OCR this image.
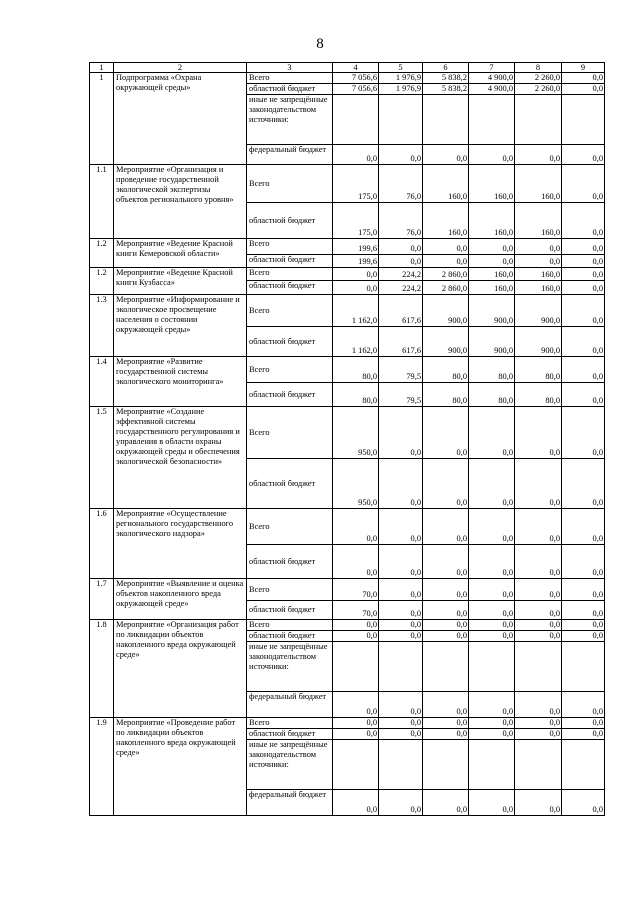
8
1	2	3	4	5	6	7	8	9
1	Подпрограмма «Охрана окружающей среды»	Всего	7 056,6	1 976,9	5 838,2	4 900,0	2 260,0	0,0
		областной бюджет	7 056,6	1 976,9	5 838,2	4 900,0	2 260,0	0,0
		иные не запрещённые законодательством источники:						
		федеральный бюджет	0,0	0,0	0,0	0,0	0,0	0,0
1.1	Мероприятие «Организация и проведение государственной экологической экспертизы объектов регионального уровня»	Всего	175,0	76,0	160,0	160,0	160,0	0,0
		областной бюджет	175,0	76,0	160,0	160,0	160,0	0,0
1.2	Мероприятие «Ведение Красной книги Кемеровской области»	Всего	199,6	0,0	0,0	0,0	0,0	0,0
		областной бюджет	199,6	0,0	0,0	0,0	0,0	0,0
1.2	Мероприятие «Ведение Красной книги Кузбасса»	Всего	0,0	224,2	2 860,0	160,0	160,0	0,0
		областной бюджет	0,0	224,2	2 860,0	160,0	160,0	0,0
1.3	Мероприятие «Информирование и экологическое просвещение населения о состоянии окружающей среды»	Всего	1 162,0	617,6	900,0	900,0	900,0	0,0
		областной бюджет	1 162,0	617,6	900,0	900,0	900,0	0,0
1.4	Мероприятие «Развитие государственной системы экологического мониторинга»	Всего	80,0	79,5	80,0	80,0	80,0	0,0
		областной бюджет	80,0	79,5	80,0	80,0	80,0	0,0
1.5	Мероприятие «Создание эффективной системы государственного регулирования и управления в области охраны окружающей среды и обеспечения экологической безопасности»	Всего	950,0	0,0	0,0	0,0	0,0	0,0
		областной бюджет	950,0	0,0	0,0	0,0	0,0	0,0
1.6	Мероприятие «Осуществление регионального государственного экологического надзора»	Всего	0,0	0,0	0,0	0,0	0,0	0,0
		областной бюджет	0,0	0,0	0,0	0,0	0,0	0,0
1.7	Мероприятие «Выявление и оценка объектов накопленного вреда окружающей среде»	Всего	70,0	0,0	0,0	0,0	0,0	0,0
		областной бюджет	70,0	0,0	0,0	0,0	0,0	0,0
1.8	Мероприятие «Организация работ по ликвидации объектов накопленного вреда окружающей среде»	Всего	0,0	0,0	0,0	0,0	0,0	0,0
		областной бюджет	0,0	0,0	0,0	0,0	0,0	0,0
		иные не запрещённые законодательством источники:						
		федеральный бюджет	0,0	0,0	0,0	0,0	0,0	0,0
1.9	Мероприятие «Проведение работ по ликвидации объектов накопленного вреда окружающей среде»	Всего	0,0	0,0	0,0	0,0	0,0	0,0
		областной бюджет	0,0	0,0	0,0	0,0	0,0	0,0
		иные не запрещённые законодательством источники:						
		федеральный бюджет	0,0	0,0	0,0	0,0	0,0	0,0
